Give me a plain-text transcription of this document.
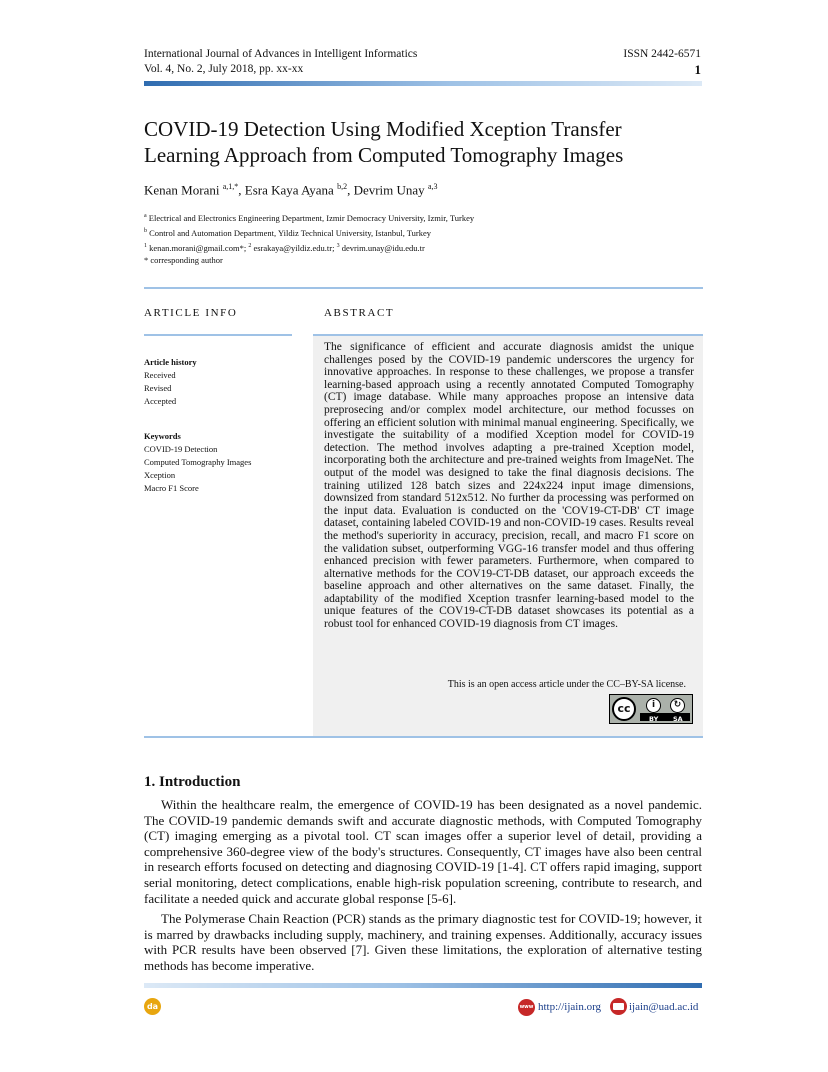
International Journal of Advances in Intelligent Informatics
Vol. 4, No. 2, July 2018, pp. xx-xx
ISSN 2442-6571
1
COVID-19 Detection Using Modified Xception Transfer
Learning Approach from Computed Tomography Images
Kenan Morani $^{a,1,*}$, Esra Kaya Ayana $^{b,2}$, Devrim Unay $^{a,3}$
$^a$ Electrical and Electronics Engineering Department, Izmir Democracy University, Izmir, Turkey
$^b$ Control and Automation Department, Yildiz Technical University, Istanbul, Turkey
$^1$ kenan.morani@gmail.com*; $^2$ esrakaya@yildiz.edu.tr; $^3$ devrim.unay@idu.edu.tr
* corresponding author
ARTICLE INFO	ABSTRACT
Article history
Received
Revised
Accepted
Keywords
COVID-19 Detection
Computed Tomography Images
Xception
Macro F1 Score
The significance of efficient and accurate diagnosis amidst the unique challenges posed by the COVID-19 pandemic underscores the urgency for innovative approaches. In response to these challenges, we propose a transfer learning-based approach using a recently annotated Computed Tomography (CT) image database. While many approaches propose an intensive data preprosecing and/or complex model architecture, our method focusses on offering an efficient solution with minimal manual engineering. Specifically, we investigate the suitability of a modified Xception model for COVID-19 detection. The method involves adapting a pre-trained Xception model, incorporating both the architecture and pre-trained weights from ImageNet. The output of the model was designed to take the final diagnosis decisions. The training utilized 128 batch sizes and 224x224 input image dimensions, downsized from standard 512x512. No further da processing was performed on the input data. Evaluation is conducted on the 'COV19-CT-DB' CT image dataset, containing labeled COVID-19 and non-COVID-19 cases. Results reveal the method's superiority in accuracy, precision, recall, and macro F1 score on the validation subset, outperforming VGG-16 transfer model and thus offering enhanced precision with fewer parameters. Furthermore, when compared to alternative methods for the COV19-CT-DB dataset, our approach exceeds the baseline approach and other alternatives on the same dataset. Finally, the adaptability of the modified Xception trasnfer learning-based model to the unique features of the COV19-CT-DB dataset showcases its potential as a robust tool for enhanced COVID-19 diagnosis from CT images.
This is an open access article under the CC–BY-SA license.
cc	i	↻
BY SA
1. Introduction
Within the healthcare realm, the emergence of COVID-19 has been designated as a novel pandemic. The COVID-19 pandemic demands swift and accurate diagnostic methods, with Computed Tomography (CT) imaging emerging as a pivotal tool. CT scan images offer a superior level of detail, providing a comprehensive 360-degree view of the body's structures. Consequently, CT images have also been central in research efforts focused on detecting and diagnosing COVID-19 [1-4]. CT offers rapid imaging, support serial monitoring, detect complications, enable high-risk population screening, contribute to research, and facilitate a needed quick and accurate global response [5-6].
The Polymerase Chain Reaction (PCR) stands as the primary diagnostic test for COVID-19; however, it is marred by drawbacks including supply, machinery, and training expenses. Additionally, accuracy issues with PCR results have been observed [7]. Given these limitations, the exploration of alternative testing methods has become imperative.
da	www http://ijain.org	ijain@uad.ac.id
